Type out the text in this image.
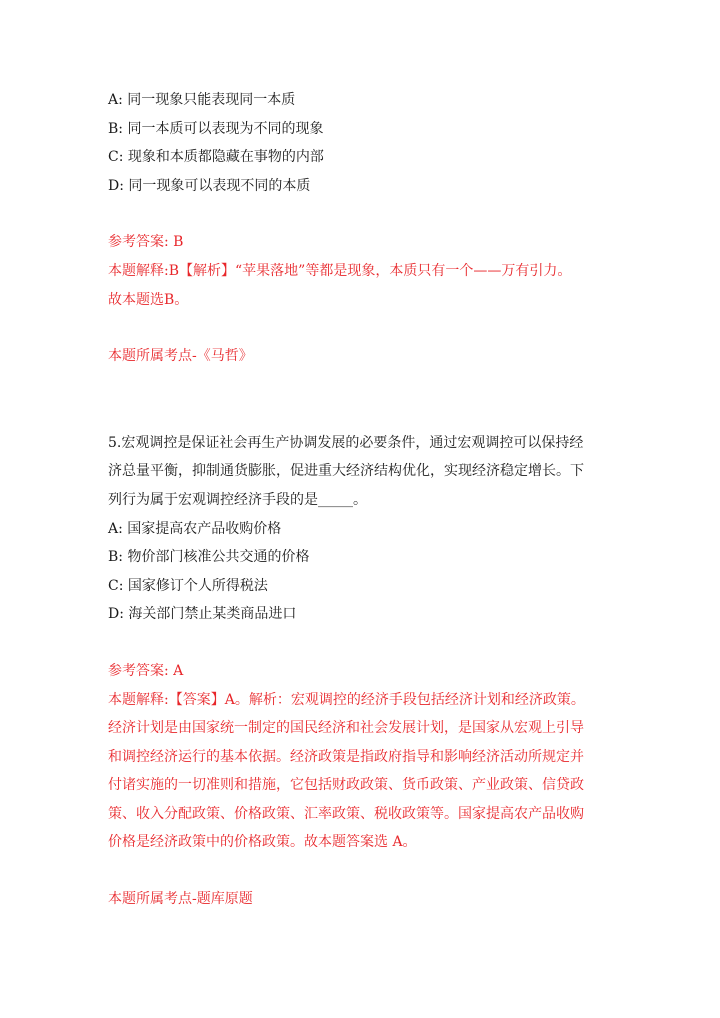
A: 同一现象只能表现同一本质
B: 同一本质可以表现为不同的现象
C: 现象和本质都隐藏在事物的内部
D: 同一现象可以表现不同的本质
参考答案: B
本题解释:B【解析】“苹果落地”等都是现象，本质只有一个——万有引力。
故本题选B。
本题所属考点-《马哲》
5.宏观调控是保证社会再生产协调发展的必要条件，通过宏观调控可以保持经
济总量平衡，抑制通货膨胀，促进重大经济结构优化，实现经济稳定增长。下
列行为属于宏观调控经济手段的是_____。
A: 国家提高农产品收购价格
B: 物价部门核准公共交通的价格
C: 国家修订个人所得税法
D: 海关部门禁止某类商品进口
参考答案: A
本题解释:【答案】A。解析：宏观调控的经济手段包括经济计划和经济政策。
经济计划是由国家统一制定的国民经济和社会发展计划，是国家从宏观上引导
和调控经济运行的基本依据。经济政策是指政府指导和影响经济活动所规定并
付诸实施的一切准则和措施，它包括财政政策、货币政策、产业政策、信贷政
策、收入分配政策、价格政策、汇率政策、税收政策等。国家提高农产品收购
价格是经济政策中的价格政策。故本题答案选 A。
本题所属考点-题库原题
